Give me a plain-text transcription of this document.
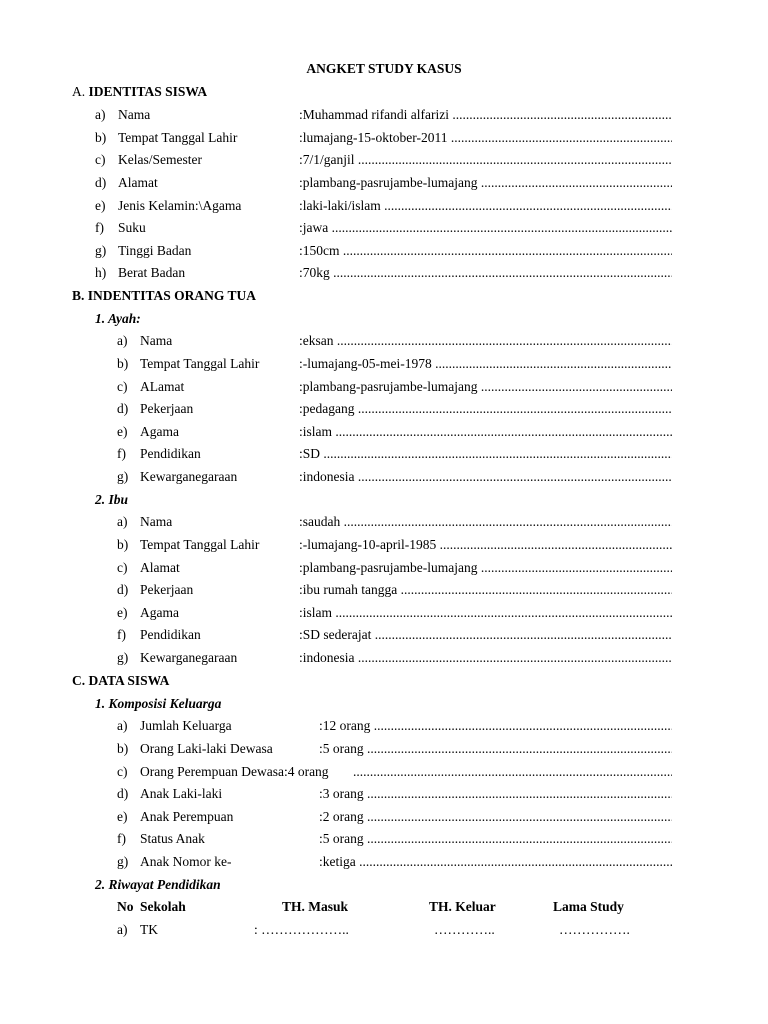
ANGKET STUDY KASUS
A. IDENTITAS SISWA
a) Nama	:Muhammad rifandi alfarizi .....
b) Tempat Tanggal Lahir	:lumajang-15-oktober-2011 .....
c) Kelas/Semester	:7/1/ganjil .....
d) Alamat	:plambang-pasrujambe-lumajang .....
e) Jenis Kelamin:\Agama	:laki-laki/islam .....
f) Suku	:jawa .....
g) Tinggi Badan	:150cm .....
h) Berat Badan	:70kg .....
B. INDENTITAS ORANG TUA
1. Ayah:
a) Nama	:eksan .....
b) Tempat Tanggal Lahir	:-lumajang-05-mei-1978 .....
c) ALamat	:plambang-pasrujambe-lumajang .....
d) Pekerjaan	:pedagang .....
e) Agama	:islam .....
f) Pendidikan	:SD .....
g) Kewarganegaraan	:indonesia .....
2. Ibu
a) Nama	:saudah .....
b) Tempat Tanggal Lahir	:-lumajang-10-april-1985 .....
c) Alamat	:plambang-pasrujambe-lumajang .....
d) Pekerjaan	:ibu rumah tangga .....
e) Agama	:islam .....
f) Pendidikan	:SD sederajat .....
g) Kewarganegaraan	:indonesia .....
C. DATA SISWA
1. Komposisi Keluarga
a) Jumlah Keluarga	:12 orang .....
b) Orang Laki-laki Dewasa	:5 orang .....
c) Orang Perempuan Dewasa:4 orang
.....
d) Anak Laki-laki	:3 orang .....
e) Anak Perempuan	:2 orang .....
f) Status Anak	:5 orang .....
g) Anak Nomor ke-	:ketiga .....
2. Riwayat Pendidikan
No Sekolah	TH. Masuk	TH. Keluar	Lama Study
a) TK	: ………………..	…………..	…………….
